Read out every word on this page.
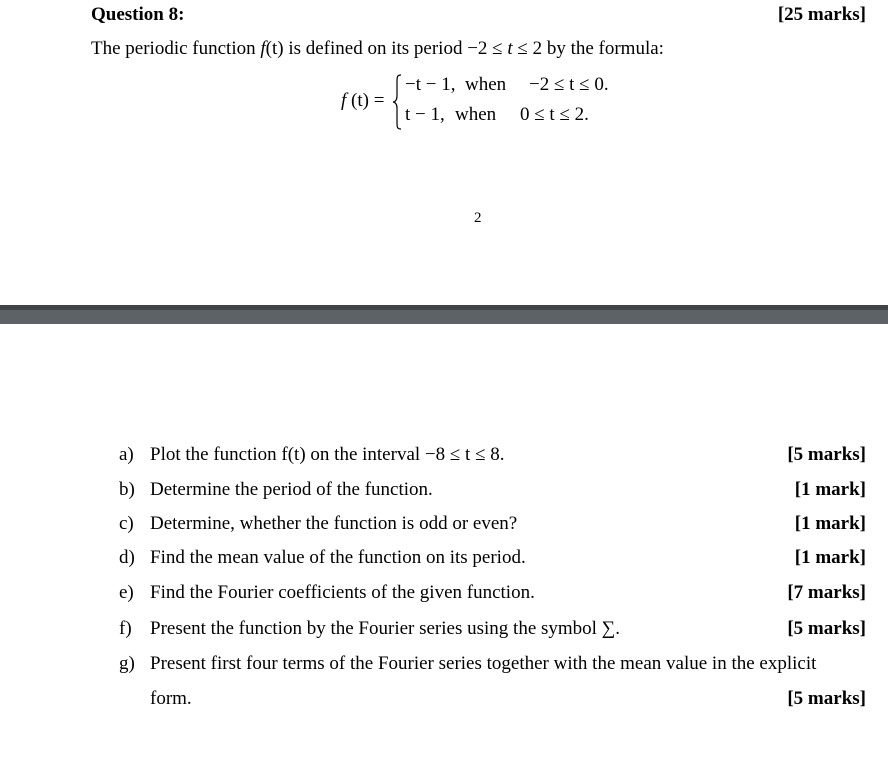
Question 8:	[25 marks]
The periodic function f(t) is defined on its period −2 ≤ t ≤ 2 by the formula:
f (t) =
−t − 1, when −2 ≤ t ≤ 0.
t − 1, when 0 ≤ t ≤ 2.
2
a) Plot the function f(t) on the interval −8 ≤ t ≤ 8.	[5 marks]
b) Determine the period of the function.	[1 mark]
c) Determine, whether the function is odd or even?	[1 mark]
d) Find the mean value of the function on its period.	[1 mark]
e) Find the Fourier coefficients of the given function.	[7 marks]
f) Present the function by the Fourier series using the symbol ∑.	[5 marks]
g) Present first four terms of the Fourier series together with the mean value in the explicit
form.	[5 marks]
